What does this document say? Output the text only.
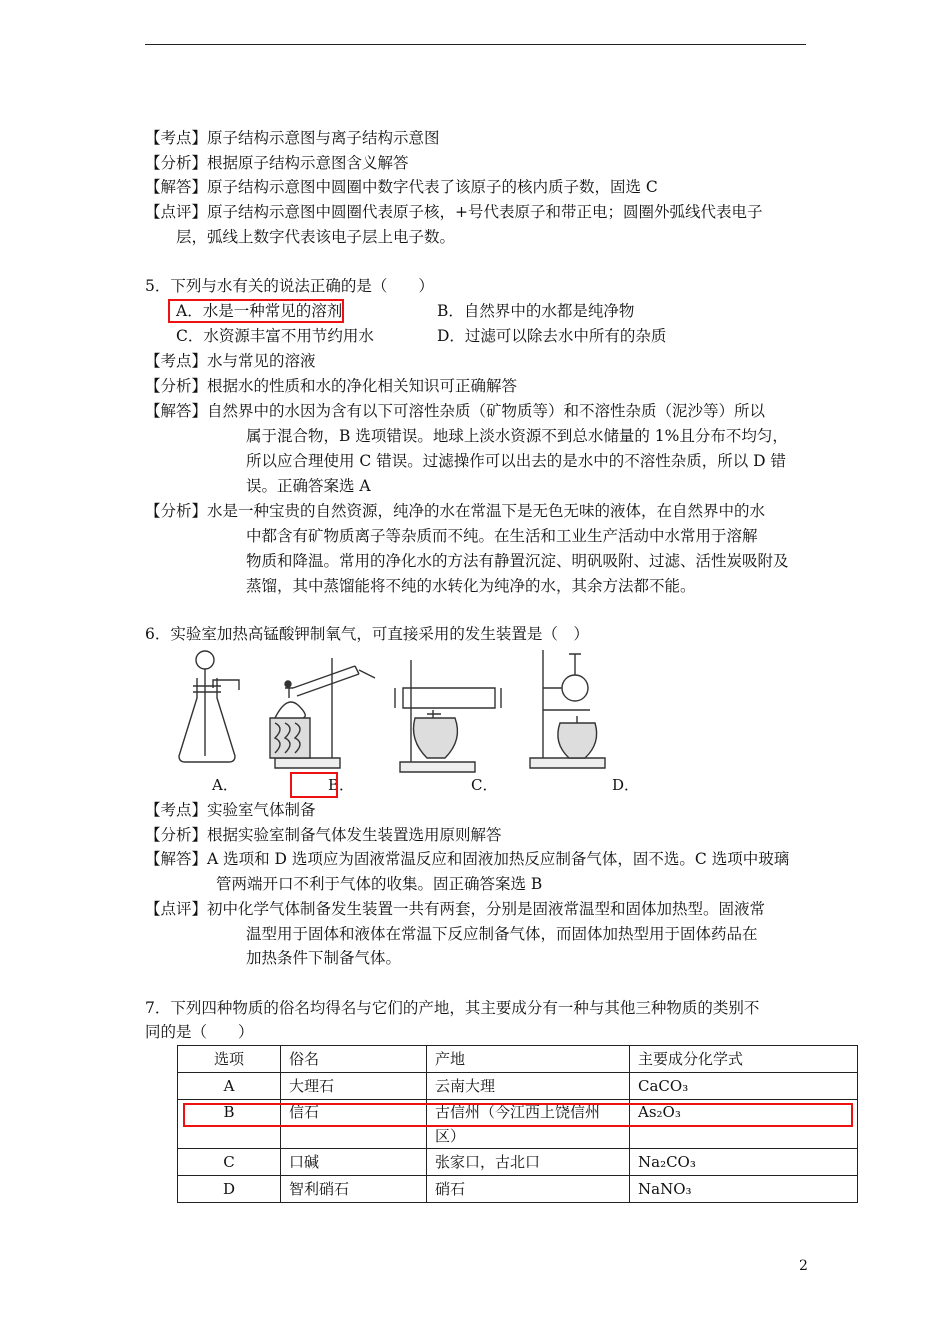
【考点】原子结构示意图与离子结构示意图
【分析】根据原子结构示意图含义解答
【解答】原子结构示意图中圆圈中数字代表了该原子的核内质子数，固选 C
【点评】原子结构示意图中圆圈代表原子核，+号代表原子和带正电；圆圈外弧线代表电子
层，弧线上数字代表该电子层上电子数。
5．下列与水有关的说法正确的是（　　）
A．水是一种常见的溶剂	B．自然界中的水都是纯净物
C．水资源丰富不用节约用水	D．过滤可以除去水中所有的杂质
【考点】水与常见的溶液
【分析】根据水的性质和水的净化相关知识可正确解答
【解答】自然界中的水因为含有以下可溶性杂质（矿物质等）和不溶性杂质（泥沙等）所以
属于混合物，B 选项错误。地球上淡水资源不到总水储量的 1%且分布不均匀，
所以应合理使用 C 错误。过滤操作可以出去的是水中的不溶性杂质，所以 D 错
误。正确答案选 A
【分析】水是一种宝贵的自然资源，纯净的水在常温下是无色无味的液体，在自然界中的水
中都含有矿物质离子等杂质而不纯。在生活和工业生产活动中水常用于溶解
物质和降温。常用的净化水的方法有静置沉淀、明矾吸附、过滤、活性炭吸附及
蒸馏，其中蒸馏能将不纯的水转化为纯净的水，其余方法都不能。
6．实验室加热高锰酸钾制氧气，可直接采用的发生装置是（　）
A．	B．	C．	D．
【考点】实验室气体制备
【分析】根据实验室制备气体发生装置选用原则解答
【解答】A 选项和 D 选项应为固液常温反应和固液加热反应制备气体，固不选。C 选项中玻璃
管两端开口不利于气体的收集。固正确答案选 B
【点评】初中化学气体制备发生装置一共有两套，分别是固液常温型和固体加热型。固液常
温型用于固体和液体在常温下反应制备气体，而固体加热型用于固体药品在
加热条件下制备气体。
7．下列四种物质的俗名均得名与它们的产地，其主要成分有一种与其他三种物质的类别不
同的是（　　）
选项	俗名	产地	主要成分化学式
A	大理石	云南大理	CaCO₃
B	信石	古信州（今江西上饶信州区）	As₂O₃
C	口碱	张家口，古北口	Na₂CO₃
D	智利硝石	硝石	NaNO₃
2
